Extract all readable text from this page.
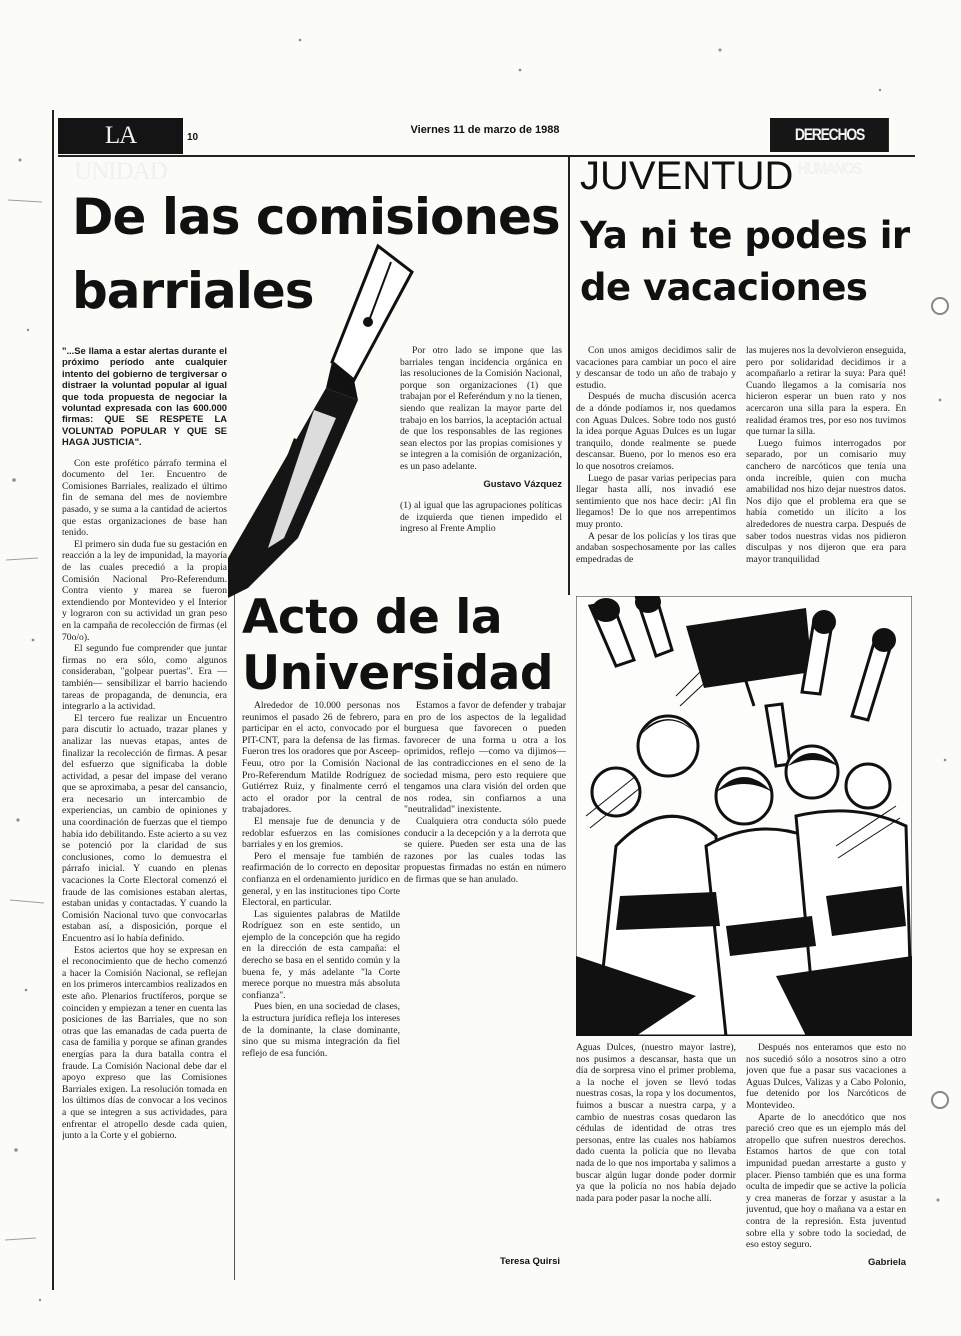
LA UNIDAD
10
Viernes 11 de marzo de 1988	DERECHOS HUMANOS
De las comisiones barriales

"...Se llama a estar alertas durante el próximo período ante cualquier intento del gobierno de tergiversar o distraer la voluntad popular al igual que toda propuesta de negociar la voluntad expresada con las 600.000 firmas: QUE SE RESPETE LA VOLUNTAD POPULAR Y QUE SE HAGA JUSTICIA".

Con este profético párrafo termina el documento del 1er. Encuentro de Comisiones Barriales, realizado el último fin de semana del mes de noviembre pasado, y se suma a la cantidad de aciertos que estas organizaciones de base han tenido.

El primero sin duda fue su gestación en reacción a la ley de impunidad, la mayoría de las cuales precedió a la propia Comisión Nacional Pro-Referendum. Contra viento y marea se fueron extendiendo por Montevideo y el Interior y lograron con su actividad un gran peso en la campaña de recolección de firmas (el 70o/o).

El segundo fue comprender que juntar firmas no era sólo, como algunos consideraban, "golpear puertas". Era —también— sensibilizar el barrio haciendo tareas de propaganda, de denuncia, era integrarlo a la actividad.

El tercero fue realizar un Encuentro para discutir lo actuado, trazar planes y analizar las nuevas etapas, antes de finalizar la recolección de firmas. A pesar del esfuerzo que significaba la doble actividad, a pesar del impase del verano que se aproximaba, a pesar del cansancio, era necesario un intercambio de experiencias, un cambio de opiniones y una coordinación de fuerzas que el tiempo había ido debilitando. Este acierto a su vez se potenció por la claridad de sus conclusiones, como lo demuestra el párrafo inicial. Y cuando en plenas vacaciones la Corte Electoral comenzó el fraude de las comisiones estaban alertas, estaban unidas y contactadas. Y cuando la Comisión Nacional tuvo que convocarlas estaban así, a disposición, porque el Encuentro así lo había definido.

Estos aciertos que hoy se expresan en el reconocimiento que de hecho comenzó a hacer la Comisión Nacional, se reflejan en los primeros intercambios realizados en este año. Plenarios fructíferos, porque se coinciden y empiezan a tener en cuenta las posiciones de las Barriales, que no son otras que las emanadas de cada puerta de casa de familia y porque se afinan grandes energías para la dura batalla contra el fraude. La Comisión Nacional debe dar el apoyo expreso que las Comisiones Barriales exigen. La resolución tomada en los últimos días de convocar a los vecinos a que se integren a sus actividades, para enfrentar el atropello desde cada quien, junto a la Corte y el gobierno.

Por otro lado se impone que las barriales tengan incidencia orgánica en las resoluciones de la Comisión Nacional, porque son organizaciones (1) que trabajan por el Referéndum y no la tienen, siendo que realizan la mayor parte del trabajo en los barrios, la aceptación actual de que los responsables de las regiones sean electos por las propias comisiones y se integren a la comisión de organización, es un paso adelante.

Gustavo Vázquez

(1) al igual que las agrupaciones políticas de izquierda que tienen impedido el ingreso al Frente Amplio

Acto de la Universidad

Alrededor de 10.000 personas nos reunimos el pasado 26 de febrero, para participar en el acto, convocado por el PIT-CNT, para la defensa de las firmas. Fueron tres los oradores que por Asceep-Feuu, otro por la Comisión Nacional Pro-Referendum Matilde Rodríguez de Gutiérrez Ruiz, y finalmente cerró el acto el orador por la central de trabajadores.

El mensaje fue de denuncia y de redoblar esfuerzos en las comisiones barriales y en los gremios.

Pero el mensaje fue también de reafirmación de lo correcto en depositar confianza en el ordenamiento jurídico en general, y en las instituciones tipo Corte Electoral, en particular.

Las siguientes palabras de Matilde Rodríguez son en este sentido, un ejemplo de la concepción que ha regido en la dirección de esta campaña: el derecho se basa en el sentido común y la buena fe, y más adelante "la Corte merece porque no muestra más absoluta confianza".

Pues bien, en una sociedad de clases, la estructura jurídica refleja los intereses de la dominante, la clase dominante, sino que su misma integración da fiel reflejo de esa función.

Estamos a favor de defender y trabajar en pro de los aspectos de la legalidad burguesa que favorecen o pueden favorecer de una forma u otra a los oprimidos, reflejo —como va dijimos— de las contradicciones en el seno de la sociedad misma, pero esto requiere que tengamos una clara visión del orden que nos rodea, sin confiarnos a una "neutralidad" inexistente.

Cualquiera otra conducta sólo puede conducir a la decepción y a la derrota que se quiere. Pueden ser esta una de las razones por las cuales todas las propuestas firmadas no están en número de firmas que se han anulado.

Teresa Quirsi
JUVENTUD
Ya ni te podes ir de vacaciones

Con unos amigos decidimos salir de vacaciones para cambiar un poco el aire y descansar de todo un año de trabajo y estudio.

Después de mucha discusión acerca de a dónde podíamos ir, nos quedamos con Aguas Dulces. Sobre todo nos gustó la idea porque Aguas Dulces es un lugar tranquilo, donde realmente se puede descansar. Bueno, por lo menos eso era lo que nosotros creíamos.

Luego de pasar varias peripecias para llegar hasta allí, nos invadió ese sentimiento que nos hace decir: ¡Al fin llegamos! De lo que nos arrepentimos muy pronto.

A pesar de los policías y los tiras que andaban sospechosamente por las calles empedradas de

las mujeres nos la devolvieron enseguida, pero por solidaridad decidimos ir a acompañarlo a retirar la suya: Para qué! Cuando llegamos a la comisaría nos hicieron esperar un buen rato y nos acercaron una silla para la espera. En realidad éramos tres, por eso nos tuvimos que turnar la silla.

Luego fuimos interrogados por separado, por un comisario muy canchero de narcóticos que tenía una onda increíble, quien con mucha amabilidad nos hizo dejar nuestros datos. Nos dijo que el problema era que se había cometido un ilícito a los alrededores de nuestra carpa. Después de saber todos nuestras vidas nos pidieron disculpas y nos dijeron que era para mayor tranquilidad

Aguas Dulces, (nuestro mayor lastre), nos pusimos a descansar, hasta que un día de sorpresa vino el primer problema, a la noche el joven se llevó todas nuestras cosas, la ropa y los documentos, fuimos a buscar a nuestra carpa, y a cambio de nuestras cosas quedaron las cédulas de identidad de otras tres personas, entre las cuales nos habíamos dado cuenta la policía que no llevaba nada de lo que nos importaba y salimos a buscar algún lugar donde poder dormir ya que la policía no nos había dejado nada para poder pasar la noche allí.

Después nos enteramos que esto no nos sucedió sólo a nosotros sino a otro joven que fue a pasar sus vacaciones a Aguas Dulces, Valizas y a Cabo Polonio, fue detenido por los Narcóticos de Montevideo.

Aparte de lo anecdótico que nos pareció creo que es un ejemplo más del atropello que sufren nuestros derechos. Estamos hartos de que con total impunidad puedan arrestarte a gusto y placer. Pienso también que es una forma oculta de impedir que se active la policía y crea maneras de forzar y asustar a la juventud, que hoy o mañana va a estar en contra de la represión. Esta juventud sobre ella y sobre todo la sociedad, de eso estoy seguro.

Gabriela
